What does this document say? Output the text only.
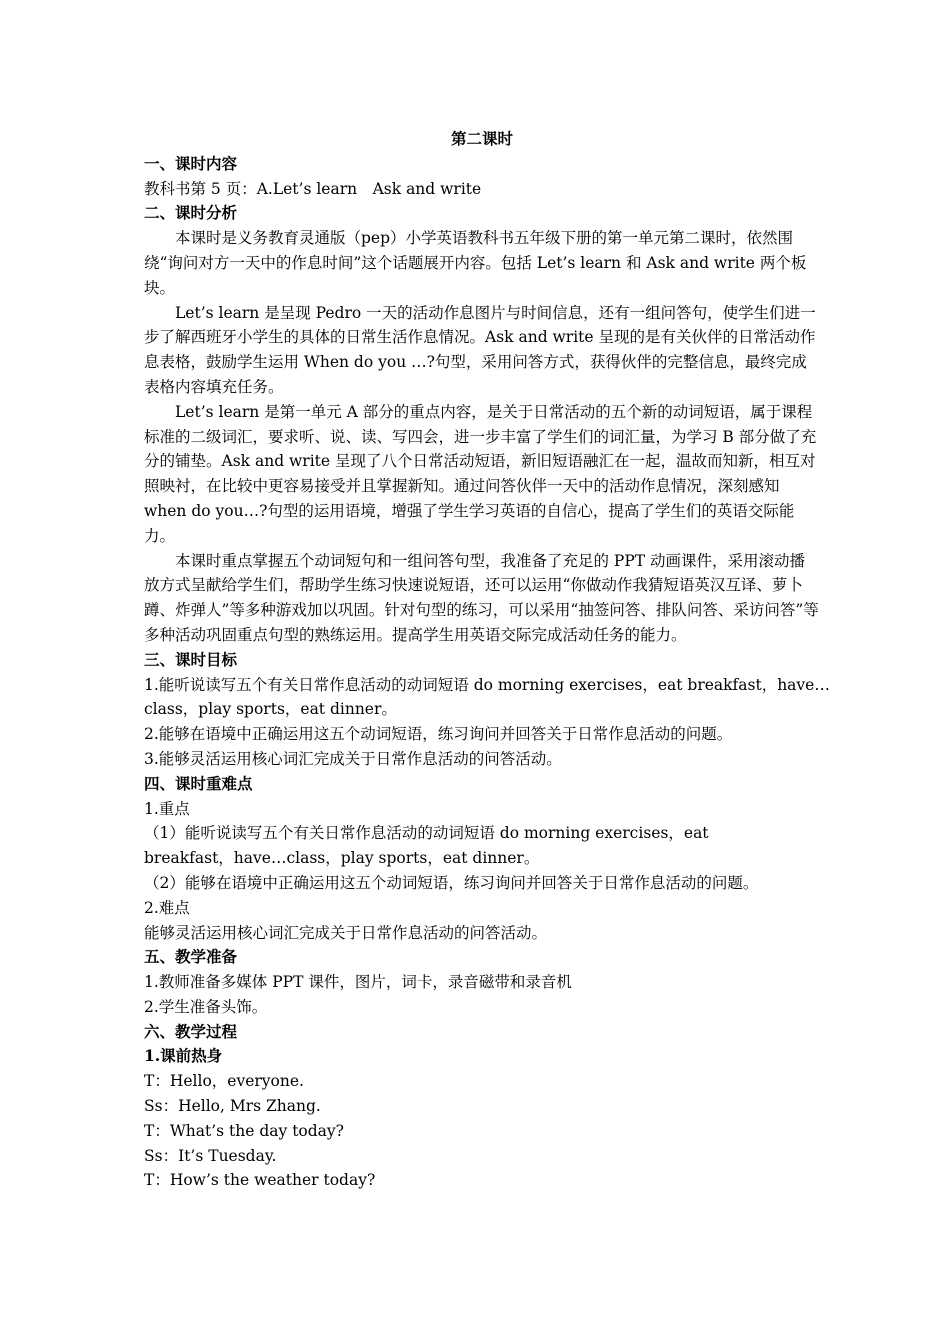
第二课时
一、课时内容

教科书第 5 页：A.Let’s learn　Ask and write

二、课时分析

本课时是义务教育灵通版（pep）小学英语教科书五年级下册的第一单元第二课时，依然围绕“询问对方一天中的作息时间”这个话题展开内容。包括 Let’s learn 和 Ask and write 两个板块。

Let’s learn 是呈现 Pedro 一天的活动作息图片与时间信息，还有一组问答句，使学生们进一步了解西班牙小学生的具体的日常生活作息情况。Ask and write 呈现的是有关伙伴的日常活动作息表格，鼓励学生运用 When do you …?句型，采用问答方式，获得伙伴的完整信息，最终完成表格内容填充任务。

Let’s learn 是第一单元 A 部分的重点内容，是关于日常活动的五个新的动词短语，属于课程标准的二级词汇，要求听、说、读、写四会，进一步丰富了学生们的词汇量，为学习 B 部分做了充分的铺垫。Ask and write 呈现了八个日常活动短语，新旧短语融汇在一起，温故而知新，相互对照映衬，在比较中更容易接受并且掌握新知。通过问答伙伴一天中的活动作息情况，深刻感知 when do you…?句型的运用语境，增强了学生学习英语的自信心，提高了学生们的英语交际能力。

本课时重点掌握五个动词短句和一组问答句型，我准备了充足的 PPT 动画课件，采用滚动播放方式呈献给学生们，帮助学生练习快速说短语，还可以运用“你做动作我猜短语英汉互译、萝卜蹲、炸弹人”等多种游戏加以巩固。针对句型的练习，可以采用“抽签问答、排队问答、采访问答”等多种活动巩固重点句型的熟练运用。提高学生用英语交际完成活动任务的能力。

三、课时目标

1.能听说读写五个有关日常作息活动的动词短语 do morning exercises，eat breakfast，have…

class，play sports，eat dinner。

2.能够在语境中正确运用这五个动词短语，练习询问并回答关于日常作息活动的问题。

3.能够灵活运用核心词汇完成关于日常作息活动的问答活动。

四、课时重难点

1.重点

（1）能听说读写五个有关日常作息活动的动词短语 do morning exercises，eat

breakfast，have…class，play sports，eat dinner。

（2）能够在语境中正确运用这五个动词短语，练习询问并回答关于日常作息活动的问题。

2.难点

能够灵活运用核心词汇完成关于日常作息活动的问答活动。

五、教学准备

1.教师准备多媒体 PPT 课件，图片，词卡，录音磁带和录音机

2.学生准备头饰。

六、教学过程
1.课前热身

T：Hello，everyone.

Ss：Hello, Mrs Zhang.

T：What’s the day today?

Ss：It’s Tuesday.

T：How’s the weather today?
